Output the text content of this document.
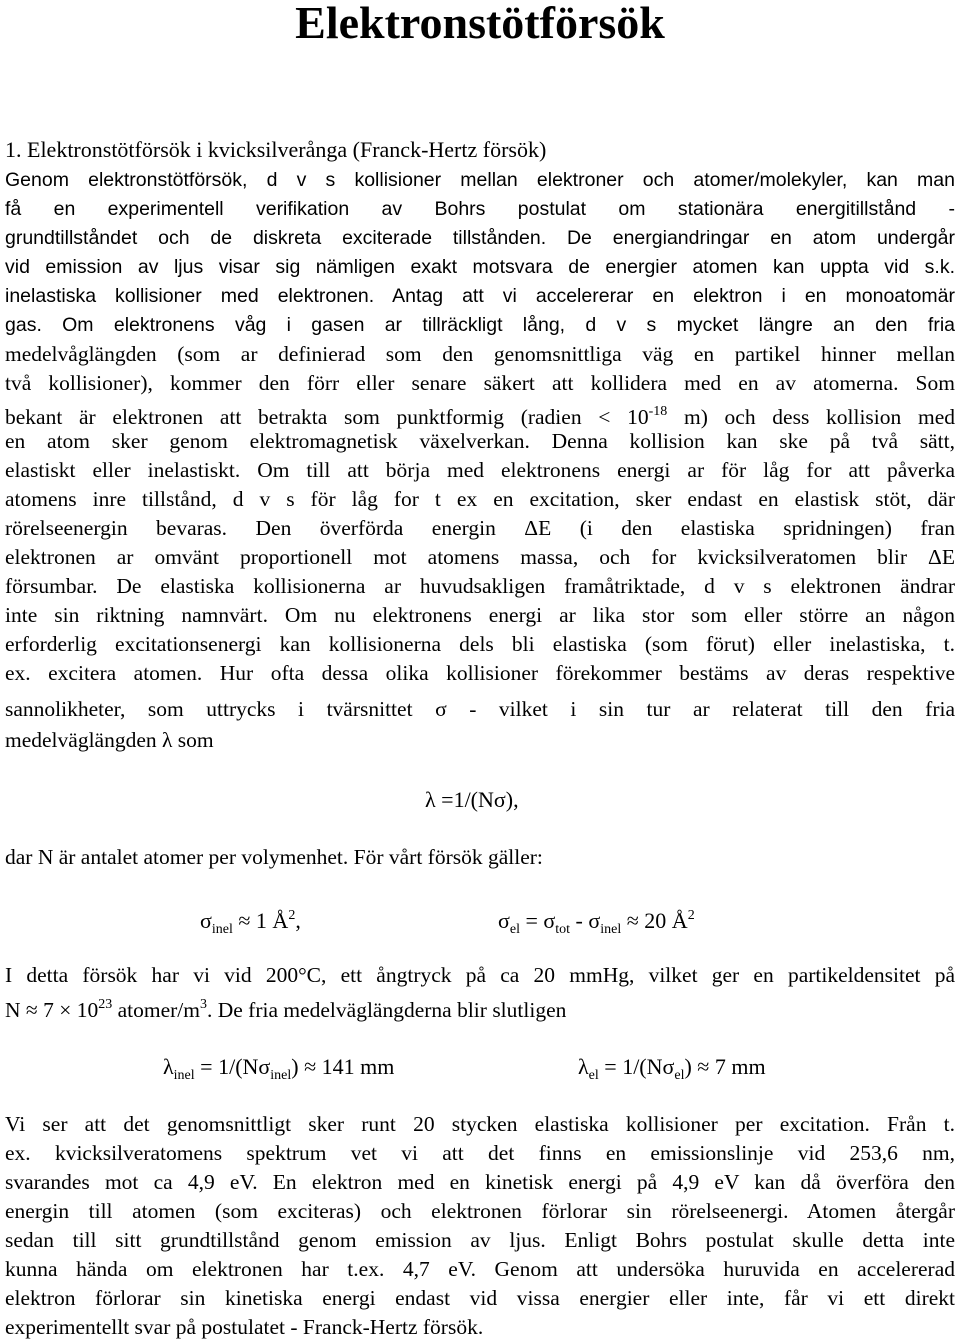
Elektronstötförsök

1. Elektronstötförsök i kvicksilverånga (Franck-Hertz försök)

Genom elektronstötförsök, d v s kollisioner mellan elektroner och atomer/molekyler, kan man

få en experimentell verifikation av Bohrs postulat om stationära energitillstånd -

grundtillståndet och de diskreta exciterade tillstånden. De energiandringar en atom undergår

vid emission av ljus visar sig nämligen exakt motsvara de energier atomen kan uppta vid s.k.

inelastiska kollisioner med elektronen. Antag att vi accelererar en elektron i en monoatomär

gas. Om elektronens våg i gasen ar tillräckligt lång, d v s mycket längre an den fria

medelvåglängden (som ar definierad som den genomsnittliga väg en partikel hinner mellan

två kollisioner), kommer den förr eller senare säkert att kollidera med en av atomerna. Som

bekant är elektronen att betrakta som punktformig (radien < $10^{-18}$ m) och dess kollision med

en atom sker genom elektromagnetisk växelverkan. Denna kollision kan ske på två sätt,

elastiskt eller inelastiskt. Om till att börja med elektronens energi ar för låg for att påverka

atomens inre tillstånd, d v s för låg for t ex en excitation, sker endast en elastisk stöt, där

rörelseenergin bevaras. Den överförda energin ΔE (i den elastiska spridningen) fran

elektronen ar omvänt proportionell mot atomens massa, och for kvicksilveratomen blir ΔE

försumbar. De elastiska kollisionerna ar huvudsakligen framåtriktade, d v s elektronen ändrar

inte sin riktning namnvärt. Om nu elektronens energi ar lika stor som eller större an någon

erforderlig excitationsenergi kan kollisionerna dels bli elastiska (som förut) eller inelastiska, t.

ex. excitera atomen. Hur ofta dessa olika kollisioner förekommer bestäms av deras respektive

sannolikheter, som uttrycks i tvärsnittet σ - vilket i sin tur ar relaterat till den fria

medelväglängden λ som

λ =1/(Nσ),

dar N är antalet atomer per volymenhet. För vårt försök gäller:

$\sigma_{inel} \approx 1$ $Å^2$,	$\sigma_{el} = \sigma_{tot} - \sigma_{inel} \approx 20$ $Å^2$

I detta försök har vi vid 200°C, ett ångtryck på ca 20 mmHg, vilket ger en partikeldensitet på

$N \approx 7 \times 10^{23}$ atomer/$m^3$. De fria medelväglängderna blir slutligen

$\lambda_{inel} = 1/(N\sigma_{inel}) \approx 141$ mm	$\lambda_{el} = 1/(N\sigma_{el}) \approx 7$ mm

Vi ser att det genomsnittligt sker runt 20 stycken elastiska kollisioner per excitation. Från t.

ex. kvicksilveratomens spektrum vet vi att det finns en emissionslinje vid 253,6 nm,

svarandes mot ca 4,9 eV. En elektron med en kinetisk energi på 4,9 eV kan då överföra den

energin till atomen (som exciteras) och elektronen förlorar sin rörelseenergi. Atomen återgår

sedan till sitt grundtillstånd genom emission av ljus. Enligt Bohrs postulat skulle detta inte

kunna hända om elektronen har t.ex. 4,7 eV. Genom att undersöka huruvida en accelererad

elektron förlorar sin kinetiska energi endast vid vissa energier eller inte, får vi ett direkt

experimentellt svar på postulatet - Franck-Hertz försök.
